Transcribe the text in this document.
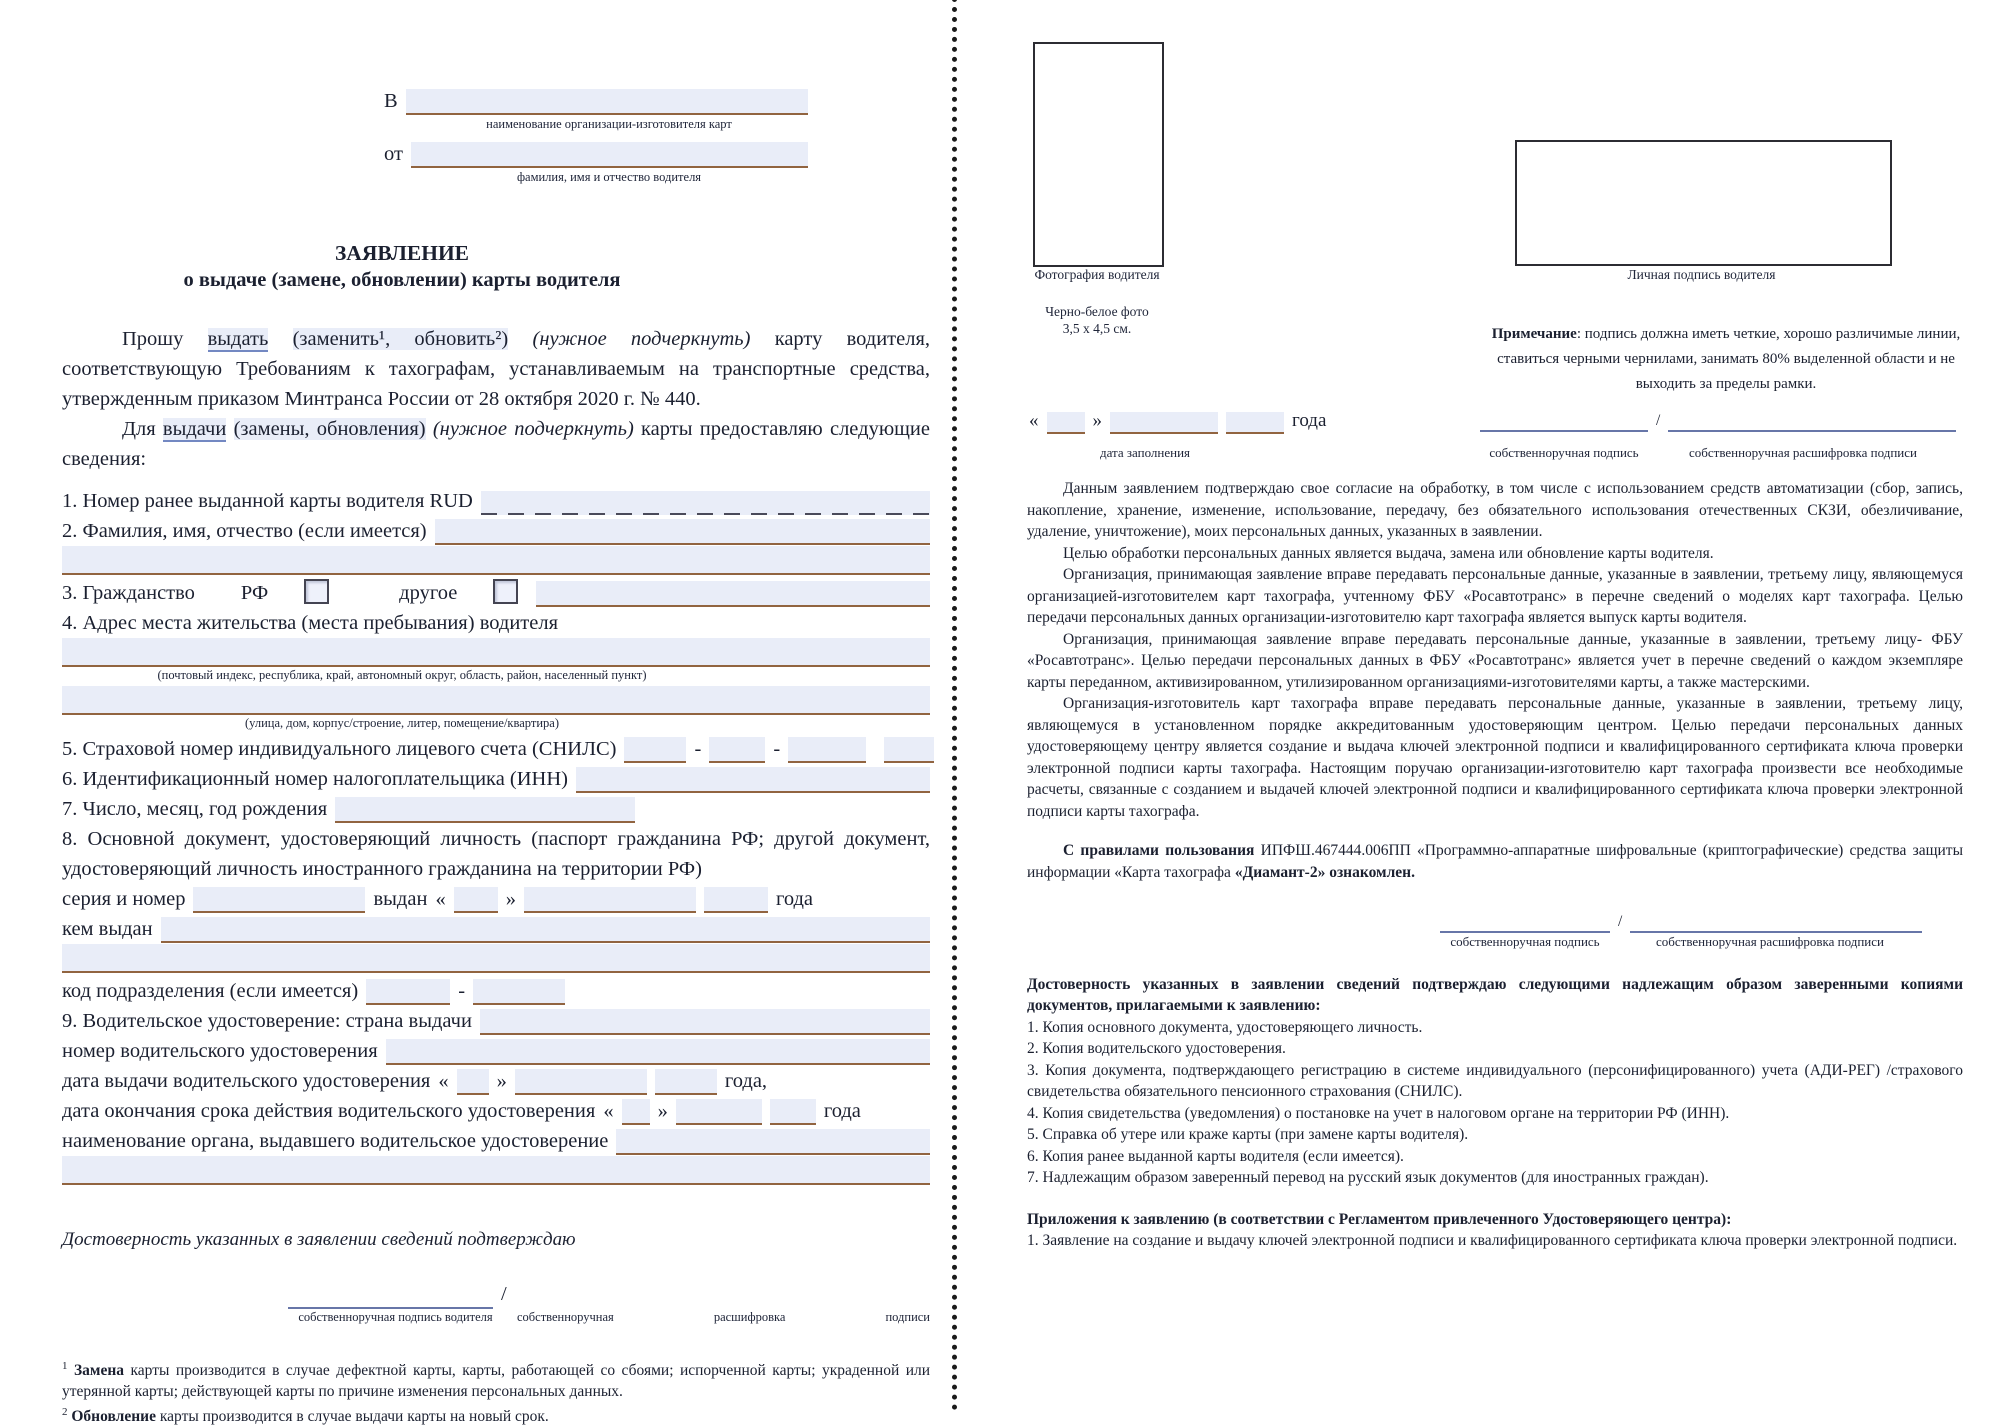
В
наименование организации-изготовителя карт
от
фамилия, имя и отчество водителя
ЗАЯВЛЕНИЕ
о выдаче (замене, обновлении) карты водителя

Прошу выдать (заменить¹, обновить²) (нужное подчеркнуть) карту водителя, соответствующую Требованиям к тахографам, устанавливаемым на транспортные средства, утвержденным приказом Минтранса России от 28 октября 2020 г. № 440.

Для выдачи (замены, обновления) (нужное подчеркнуть) карты предоставляю следующие сведения:

1. Номер ранее выданной карты водителя RUD
2. Фамилия, имя, отчество (если имеется)
3. Гражданство РФ	другое
4. Адрес места жительства (места пребывания) водителя
(почтовый индекс, республика, край, автономный округ, область, район, населенный пункт)
(улица, дом, корпус/строение, литер, помещение/квартира)
5. Страховой номер индивидуального лицевого счета (СНИЛС)	-	-
6. Идентификационный номер налогоплательщика (ИНН)
7. Число, месяц, год рождения

8. Основной документ, удостоверяющий личность (паспорт гражданина РФ; другой документ, удостоверяющий личность иностранного гражданина на территории РФ)

серия и номер	выдан «	»	года
кем выдан
код подразделения (если имеется)	-
9. Водительское удостоверение: страна выдачи
номер водительского удостоверения
дата выдачи водительского удостоверения « »	года,
дата окончания срока действия водительского удостоверения « »	года
наименование органа, выдавшего водительское удостоверение
Достоверность указанных в заявлении сведений подтверждаю
/
собственноручная подпись водителя	собственноручная расшифровка подписи

$^1$ Замена карты производится в случае дефектной карты, карты, работающей со сбоями; испорченной карты; украденной или утерянной карты; действующей карты по причине изменения персональных данных.

$^2$ Обновление карты производится в случае выдачи карты на новый срок.

Фотография водителя
Черно-белое фото
3,5 х 4,5 см.
Личная подпись водителя
Примечание: подпись должна иметь четкие, хорошо различимые линии, ставиться черными чернилами, занимать 80% выделенной области и не выходить за пределы рамки.
«	»	года
дата заполнения
/
собственноручная подпись	собственноручная расшифровка подписи

Данным заявлением подтверждаю свое согласие на обработку, в том числе с использованием средств автоматизации (сбор, запись, накопление, хранение, изменение, использование, передачу, без обязательного использования отечественных СКЗИ, обезличивание, удаление, уничтожение), моих персональных данных, указанных в заявлении.

Целью обработки персональных данных является выдача, замена или обновление карты водителя.

Организация, принимающая заявление вправе передавать персональные данные, указанные в заявлении, третьему лицу, являющемуся организацией-изготовителем карт тахографа, учтенному ФБУ «Росавтотранс» в перечне сведений о моделях карт тахографа. Целью передачи персональных данных организации-изготовителю карт тахографа является выпуск карты водителя.

Организация, принимающая заявление вправе передавать персональные данные, указанные в заявлении, третьему лицу- ФБУ «Росавтотранс». Целью передачи персональных данных в ФБУ «Росавтотранс» является учет в перечне сведений о каждом экземпляре карты переданном, активизированном, утилизированном организациями-изготовителями карты, а также мастерскими.

Организация-изготовитель карт тахографа вправе передавать персональные данные, указанные в заявлении, третьему лицу, являющемуся в установленном порядке аккредитованным удостоверяющим центром. Целью передачи персональных данных удостоверяющему центру является создание и выдача ключей электронной подписи и квалифицированного сертификата ключа проверки электронной подписи карты тахографа. Настоящим поручаю организации-изготовителю карт тахографа произвести все необходимые расчеты, связанные с созданием и выдачей ключей электронной подписи и квалифицированного сертификата ключа проверки электронной подписи карты тахографа.

С правилами пользования ИПФШ.467444.006ПП «Программно-аппаратные шифровальные (криптографические) средства защиты информации «Карта тахографа «Диамант-2» ознакомлен.

/
собственноручная подпись	собственноручная расшифровка подписи

Достоверность указанных в заявлении сведений подтверждаю следующими надлежащим образом заверенными копиями документов, прилагаемыми к заявлению:

1. Копия основного документа, удостоверяющего личность.

2. Копия водительского удостоверения.

3. Копия документа, подтверждающего регистрацию в системе индивидуального (персонифицированного) учета (АДИ-РЕГ) /страхового свидетельства обязательного пенсионного страхования (СНИЛС).

4. Копия свидетельства (уведомления) о постановке на учет в налоговом органе на территории РФ (ИНН).

5. Справка об утере или краже карты (при замене карты водителя).

6. Копия ранее выданной карты водителя (если имеется).

7. Надлежащим образом заверенный перевод на русский язык документов (для иностранных граждан).

Приложения к заявлению (в соответствии с Регламентом привлеченного Удостоверяющего центра):

1. Заявление на создание и выдачу ключей электронной подписи и квалифицированного сертификата ключа проверки электронной подписи.
